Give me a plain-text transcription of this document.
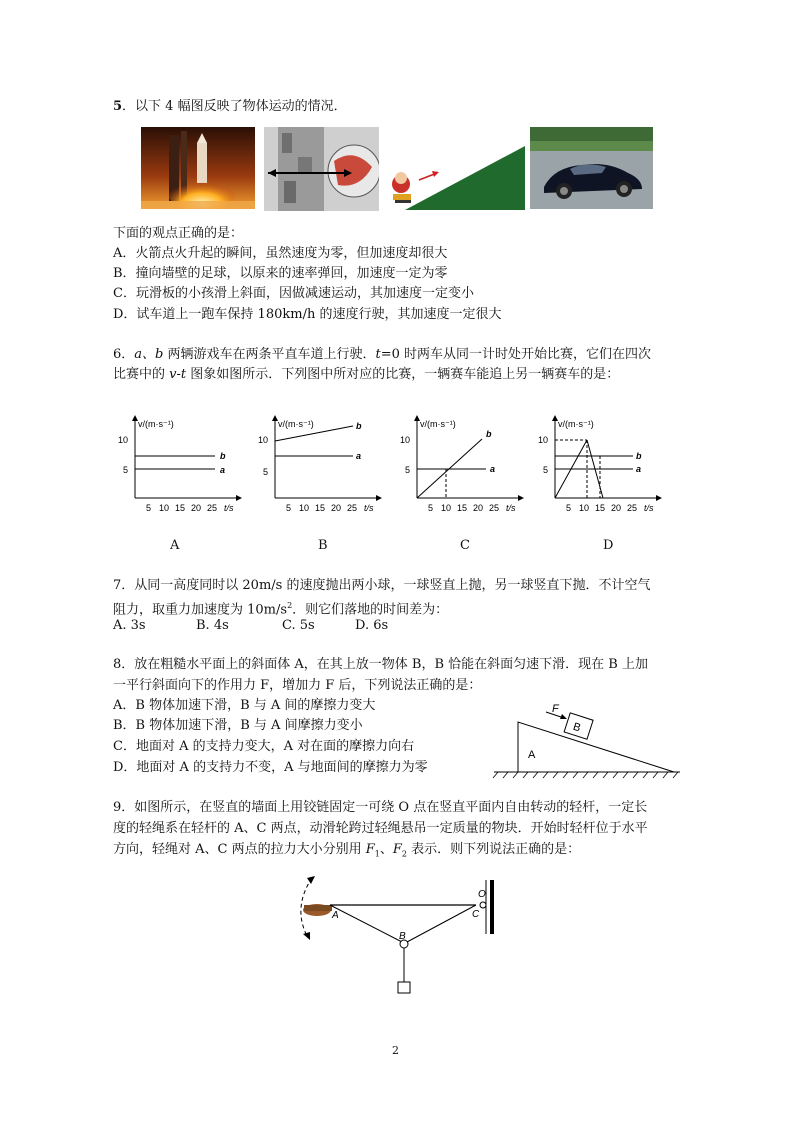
5．以下 4 幅图反映了物体运动的情况．
下面的观点正确的是：
A．火箭点火升起的瞬间，虽然速度为零，但加速度却很大
B．撞向墙壁的足球，以原来的速率弹回，加速度一定为零
C．玩滑板的小孩滑上斜面，因做减速运动，其加速度一定变小
D．试车道上一跑车保持 180km/h 的速度行驶，其加速度一定很大
6．a、b 两辆游戏车在两条平直车道上行驶．t=0 时两车从同一计时处开始比赛，它们在四次
比赛中的 v-t 图象如图所示．下列图中所对应的比赛，一辆赛车能追上另一辆赛车的是：
v/(m·s⁻¹)
10
5
b
a
5 10 15 20 25 t/s
A
v/(m·s⁻¹)
10
5
b
a
5 10 15 20 25 t/s
B
v/(m·s⁻¹)
10
5
b
a
5 10 15 20 25 t/s
C
v/(m·s⁻¹)
10
5
b
a
5 10 15 20 25 t/s
D
7．从同一高度同时以 20m/s 的速度抛出两小球，一球竖直上抛，另一球竖直下抛．不计空气
阻力，取重力加速度为 $10m/s^2$．则它们落地的时间差为：
A. 3s	B. 4s	C. 5s	D. 6s
8．放在粗糙水平面上的斜面体 A，在其上放一物体 B，B 恰能在斜面匀速下滑．现在 B 上加
一平行斜面向下的作用力 F，增加力 F 后，下列说法正确的是：
A．B 物体加速下滑，B 与 A 间的摩擦力变大
B．B 物体加速下滑，B 与 A 间摩擦力变小
C．地面对 A 的支持力变大，A 对在面的摩擦力向右
D．地面对 A 的支持力不变，A 与地面间的摩擦力为零
B
F
A
9．如图所示，在竖直的墙面上用铰链固定一可绕 O 点在竖直平面内自由转动的轻杆，一定长
度的轻绳系在轻杆的 A、C 两点，动滑轮跨过轻绳悬吊一定质量的物块．开始时轻杆位于水平
方向，轻绳对 A、C 两点的拉力大小分别用 $F_1$、$F_2$ 表示．则下列说法正确的是：
A
B
C
O
2
